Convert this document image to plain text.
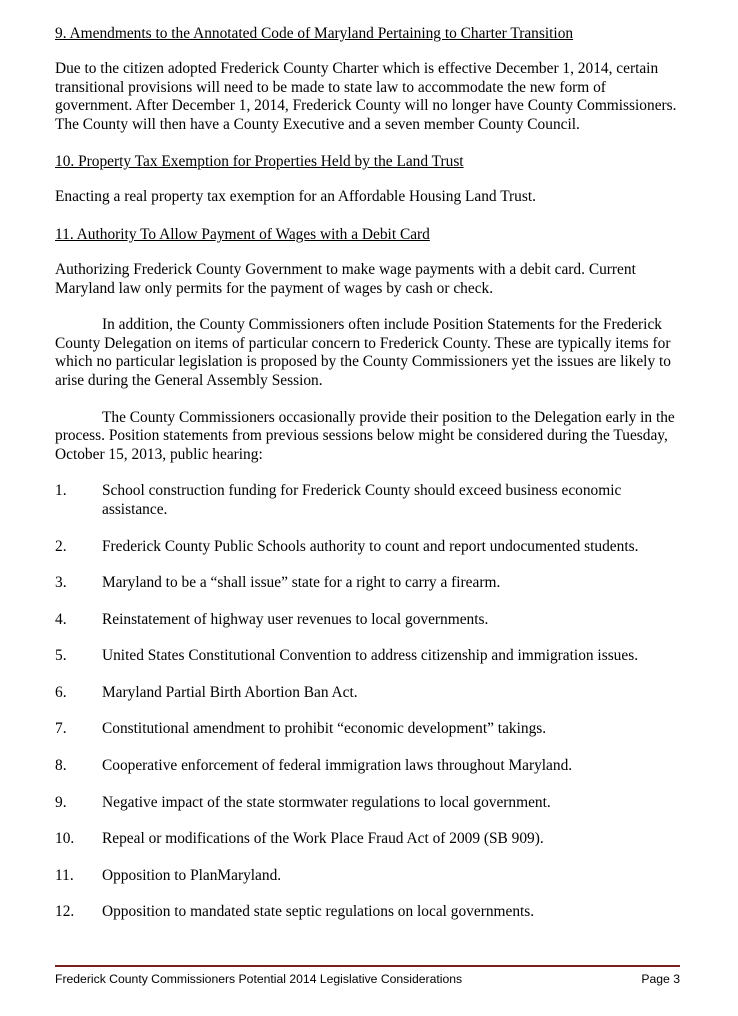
9. Amendments to the Annotated Code of Maryland Pertaining to Charter Transition

Due to the citizen adopted Frederick County Charter which is effective December 1, 2014, certain transitional provisions will need to be made to state law to accommodate the new form of government. After December 1, 2014, Frederick County will no longer have County Commissioners. The County will then have a County Executive and a seven member County Council.

10. Property Tax Exemption for Properties Held by the Land Trust

Enacting a real property tax exemption for an Affordable Housing Land Trust.

11. Authority To Allow Payment of Wages with a Debit Card

Authorizing Frederick County Government to make wage payments with a debit card. Current Maryland law only permits for the payment of wages by cash or check.

In addition, the County Commissioners often include Position Statements for the Frederick County Delegation on items of particular concern to Frederick County. These are typically items for which no particular legislation is proposed by the County Commissioners yet the issues are likely to arise during the General Assembly Session.

The County Commissioners occasionally provide their position to the Delegation early in the process. Position statements from previous sessions below might be considered during the Tuesday, October 15, 2013, public hearing:

1.	School construction funding for Frederick County should exceed business economic assistance.
2.	Frederick County Public Schools authority to count and report undocumented students.
3.	Maryland to be a “shall issue” state for a right to carry a firearm.
4.	Reinstatement of highway user revenues to local governments.
5.	United States Constitutional Convention to address citizenship and immigration issues.
6.	Maryland Partial Birth Abortion Ban Act.
7.	Constitutional amendment to prohibit “economic development” takings.
8.	Cooperative enforcement of federal immigration laws throughout Maryland.
9.	Negative impact of the state stormwater regulations to local government.
10.	Repeal or modifications of the Work Place Fraud Act of 2009 (SB 909).
11.	Opposition to PlanMaryland.
12.	Opposition to mandated state septic regulations on local governments.
Frederick County Commissioners Potential 2014 Legislative Considerations	Page 3
